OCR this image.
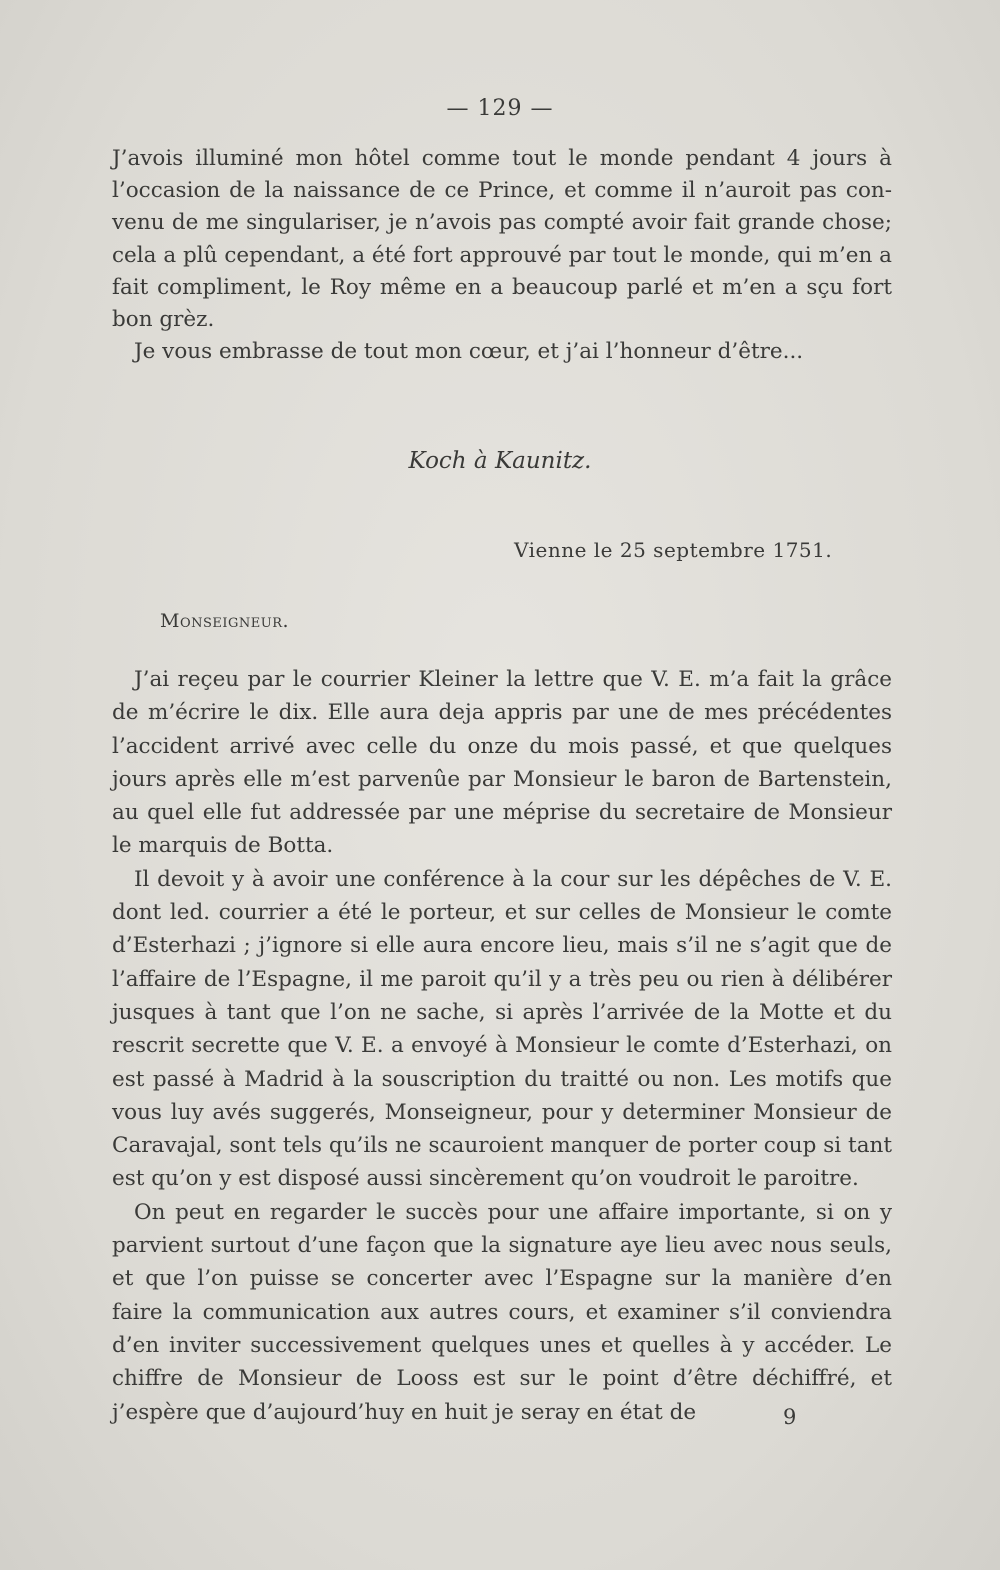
— 129 —

J’avois illuminé mon hôtel comme tout le monde pendant 4 jours à l’occasion de la naissance de ce Prince, et comme il n’auroit pas convenu de me singulariser, je n’avois pas compté avoir fait grande chose; cela a plû cependant, a été fort approuvé par tout le monde, qui m’en a fait compliment, le Roy même en a beaucoup parlé et m’en a sçu fort bon grèz.

Je vous embrasse de tout mon cœur, et j’ai l’honneur d’être...

Koch à Kaunitz.
Vienne le 25 septembre 1751.
Monseigneur.

J’ai reçeu par le courrier Kleiner la lettre que V. E. m’a fait la grâce de m’écrire le dix. Elle aura deja appris par une de mes précédentes l’accident arrivé avec celle du onze du mois passé, et que quelques jours après elle m’est parvenûe par Monsieur le baron de Bartenstein, au quel elle fut addressée par une méprise du secretaire de Monsieur le marquis de Botta.

Il devoit y à avoir une conférence à la cour sur les dépêches de V. E. dont led. courrier a été le porteur, et sur celles de Monsieur le comte d’Esterhazi ; j’ignore si elle aura encore lieu, mais s’il ne s’agit que de l’affaire de l’Espagne, il me paroit qu’il y a très peu ou rien à délibérer jusques à tant que l’on ne sache, si après l’arrivée de la Motte et du rescrit secrette que V. E. a envoyé à Monsieur le comte d’Esterhazi, on est passé à Madrid à la souscription du traitté ou non. Les motifs que vous luy avés suggerés, Monseigneur, pour y determiner Monsieur de Caravajal, sont tels qu’ils ne scauroient manquer de porter coup si tant est qu’on y est disposé aussi sincèrement qu’on voudroit le paroitre.

On peut en regarder le succès pour une affaire importante, si on y parvient surtout d’une façon que la signature aye lieu avec nous seuls, et que l’on puisse se concerter avec l’Espagne sur la manière d’en faire la communication aux autres cours, et examiner s’il conviendra d’en inviter successivement quelques unes et quelles à y accéder. Le chiffre de Monsieur de Looss est sur le point d’être déchiffré, et j’espère que d’aujourd’huy en huit je seray en état de	9
